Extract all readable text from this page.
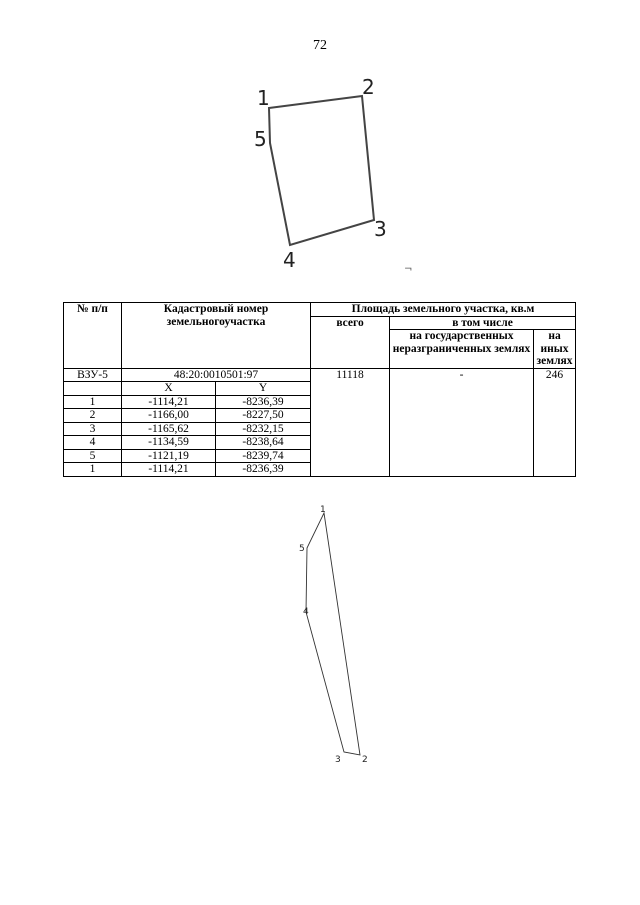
72
1	2
3
4
5
¬
№ п/п	Кадастровый номер земельногоучастка		Площадь земельного участка, кв.м		
			всего	в том числе	
				на государственных неразграниченных землях	на иных землях
ВЗУ-5	48:20:0010501:97		11118	-	246
	X	Y			
1	-1114,21	-8236,39			
2	-1166,00	-8227,50			
3	-1165,62	-8232,15			
4	-1134,59	-8238,64			
5	-1121,19	-8239,74			
1	-1114,21	-8236,39			
1
2
3
4
5
